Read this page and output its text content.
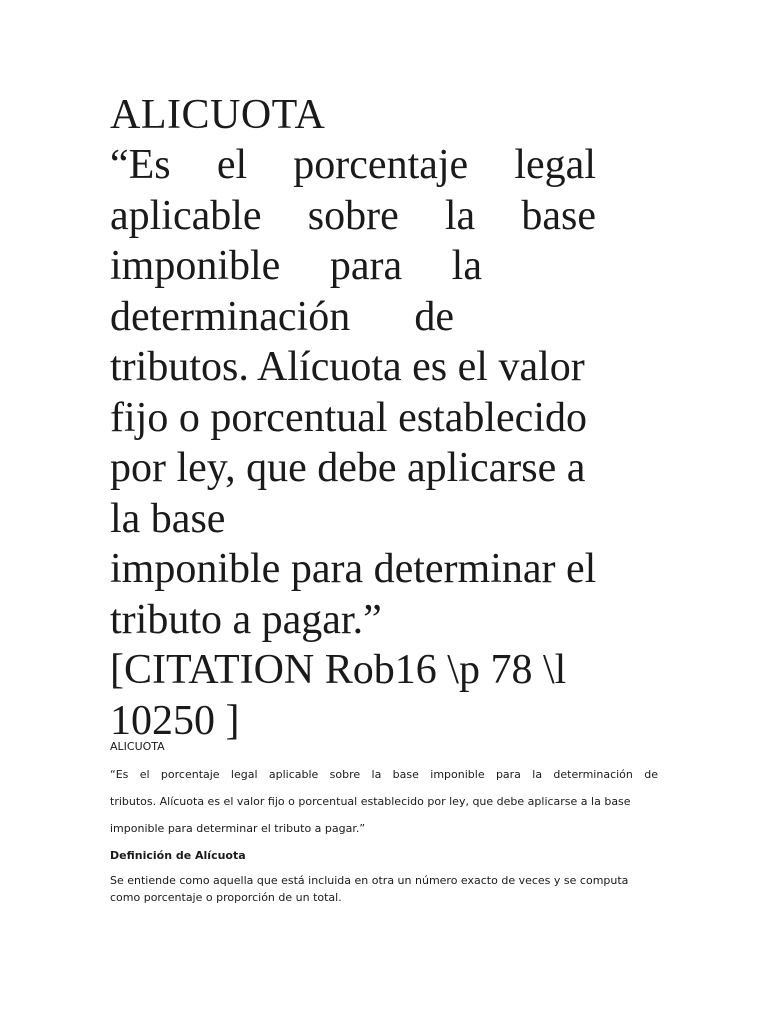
ALICUOTA
“Es el porcentaje legal
aplicable sobre la base
imponible para la
determinación de
tributos. Alícuota es el valor
fijo o porcentual establecido
por ley, que debe aplicarse a
la base
imponible para determinar el
tributo a pagar.”
[CITATION Rob16 \p 78 \l
10250 ]
ALICUOTA

“Es el porcentaje legal aplicable sobre la base imponible para la determinación de
tributos. Alícuota es el valor fijo o porcentual establecido por ley, que debe aplicarse a la base
imponible para determinar el tributo a pagar.”

Definición de Alícuota

Se entiende como aquella que está incluida en otra un número exacto de veces y se computa como porcentaje o proporción de un total.
